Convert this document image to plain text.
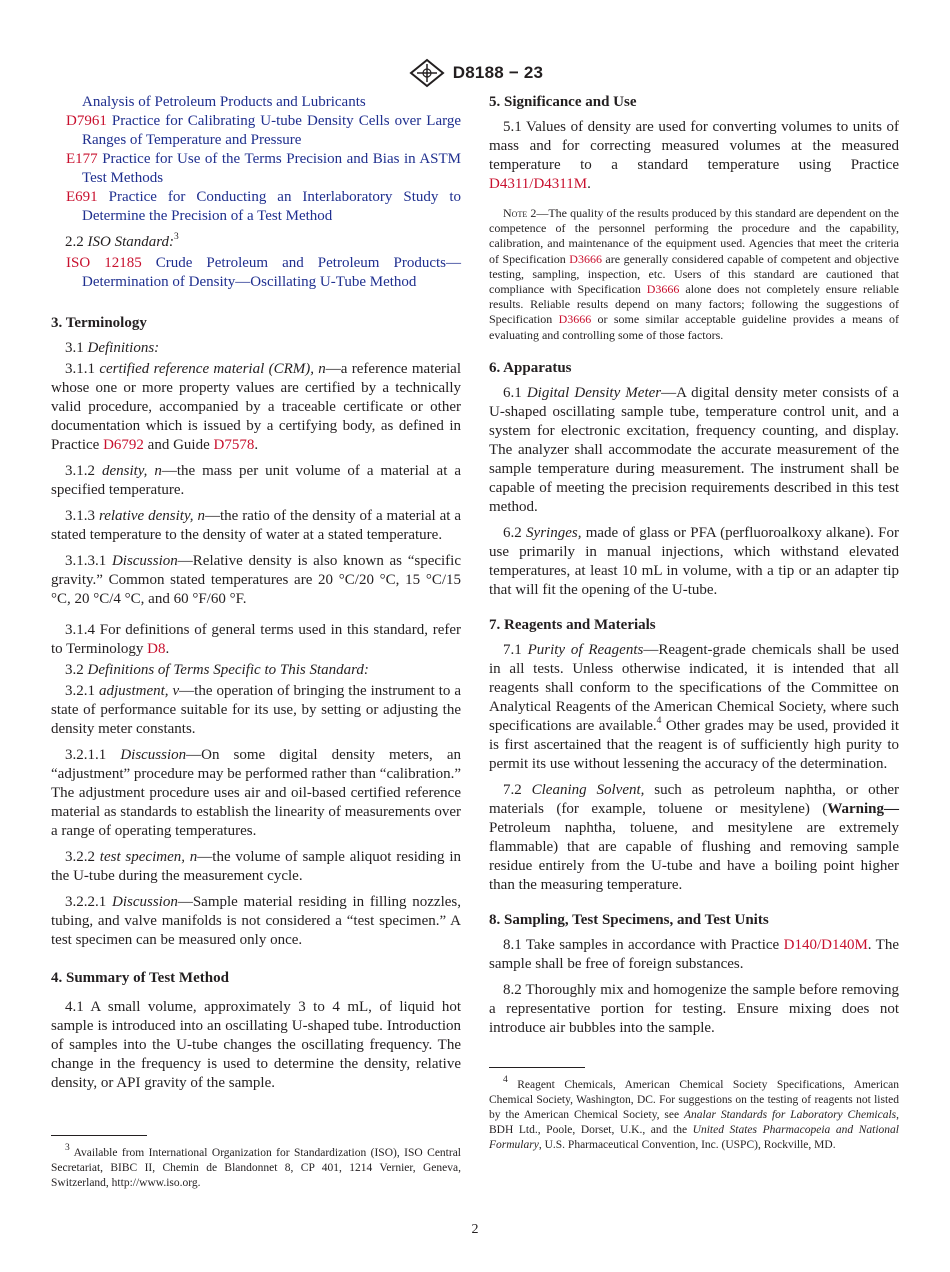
D8188 − 23

Analysis of Petroleum Products and Lubricants

D7961 Practice for Calibrating U-tube Density Cells over Large Ranges of Temperature and Pressure

E177 Practice for Use of the Terms Precision and Bias in ASTM Test Methods

E691 Practice for Conducting an Interlaboratory Study to Determine the Precision of a Test Method

2.2 ISO Standard:$^3$

ISO 12185 Crude Petroleum and Petroleum Products—Determination of Density—Oscillating U-Tube Method

3. Terminology

3.1 Definitions:

3.1.1 certified reference material (CRM), n—a reference material whose one or more property values are certified by a technically valid procedure, accompanied by a traceable certificate or other documentation which is issued by a certifying body, as defined in Practice D6792 and Guide D7578.

3.1.2 density, n—the mass per unit volume of a material at a specified temperature.

3.1.3 relative density, n—the ratio of the density of a material at a stated temperature to the density of water at a stated temperature.

3.1.3.1 Discussion—Relative density is also known as “specific gravity.” Common stated temperatures are 20 °C/20 °C, 15 °C/15 °C, 20 °C/4 °C, and 60 °F/60 °F.

3.1.4 For definitions of general terms used in this standard, refer to Terminology D8.

3.2 Definitions of Terms Specific to This Standard:

3.2.1 adjustment, v—the operation of bringing the instrument to a state of performance suitable for its use, by setting or adjusting the density meter constants.

3.2.1.1 Discussion—On some digital density meters, an “adjustment” procedure may be performed rather than “calibration.” The adjustment procedure uses air and oil-based certified reference material as standards to establish the linearity of measurements over a range of operating temperatures.

3.2.2 test specimen, n—the volume of sample aliquot residing in the U-tube during the measurement cycle.

3.2.2.1 Discussion—Sample material residing in filling nozzles, tubing, and valve manifolds is not considered a “test specimen.” A test specimen can be measured only once.

4. Summary of Test Method

4.1 A small volume, approximately 3 to 4 mL, of liquid hot sample is introduced into an oscillating U-shaped tube. Introduction of samples into the U-tube changes the oscillating frequency. The change in the frequency is used to determine the density, relative density, or API gravity of the sample.

$^3$ Available from International Organization for Standardization (ISO), ISO Central Secretariat, BIBC II, Chemin de Blandonnet 8, CP 401, 1214 Vernier, Geneva, Switzerland, http://www.iso.org.

5. Significance and Use

5.1 Values of density are used for converting volumes to units of mass and for correcting measured volumes at the measured temperature to a standard temperature using Practice D4311/D4311M.

Note 2—The quality of the results produced by this standard are dependent on the competence of the personnel performing the procedure and the capability, calibration, and maintenance of the equipment used. Agencies that meet the criteria of Specification D3666 are generally considered capable of competent and objective testing, sampling, inspection, etc. Users of this standard are cautioned that compliance with Specification D3666 alone does not completely ensure reliable results. Reliable results depend on many factors; following the suggestions of Specification D3666 or some similar acceptable guideline provides a means of evaluating and controlling some of those factors.

6. Apparatus

6.1 Digital Density Meter—A digital density meter consists of a U-shaped oscillating sample tube, temperature control unit, and a system for electronic excitation, frequency counting, and display. The analyzer shall accommodate the accurate measurement of the sample temperature during measurement. The instrument shall be capable of meeting the precision requirements described in this test method.

6.2 Syringes, made of glass or PFA (perfluoroalkoxy alkane). For use primarily in manual injections, which withstand elevated temperatures, at least 10 mL in volume, with a tip or an adapter tip that will fit the opening of the U-tube.

7. Reagents and Materials

7.1 Purity of Reagents—Reagent-grade chemicals shall be used in all tests. Unless otherwise indicated, it is intended that all reagents shall conform to the specifications of the Committee on Analytical Reagents of the American Chemical Society, where such specifications are available.$^4$ Other grades may be used, provided it is first ascertained that the reagent is of sufficiently high purity to permit its use without lessening the accuracy of the determination.

7.2 Cleaning Solvent, such as petroleum naphtha, or other materials (for example, toluene or mesitylene) (Warning—Petroleum naphtha, toluene, and mesitylene are extremely flammable) that are capable of flushing and removing sample residue entirely from the U-tube and have a boiling point higher than the measuring temperature.

8. Sampling, Test Specimens, and Test Units

8.1 Take samples in accordance with Practice D140/D140M. The sample shall be free of foreign substances.

8.2 Thoroughly mix and homogenize the sample before removing a representative portion for testing. Ensure mixing does not introduce air bubbles into the sample.

$^4$ Reagent Chemicals, American Chemical Society Specifications, American Chemical Society, Washington, DC. For suggestions on the testing of reagents not listed by the American Chemical Society, see Analar Standards for Laboratory Chemicals, BDH Ltd., Poole, Dorset, U.K., and the United States Pharmacopeia and National Formulary, U.S. Pharmaceutical Convention, Inc. (USPC), Rockville, MD.

2
